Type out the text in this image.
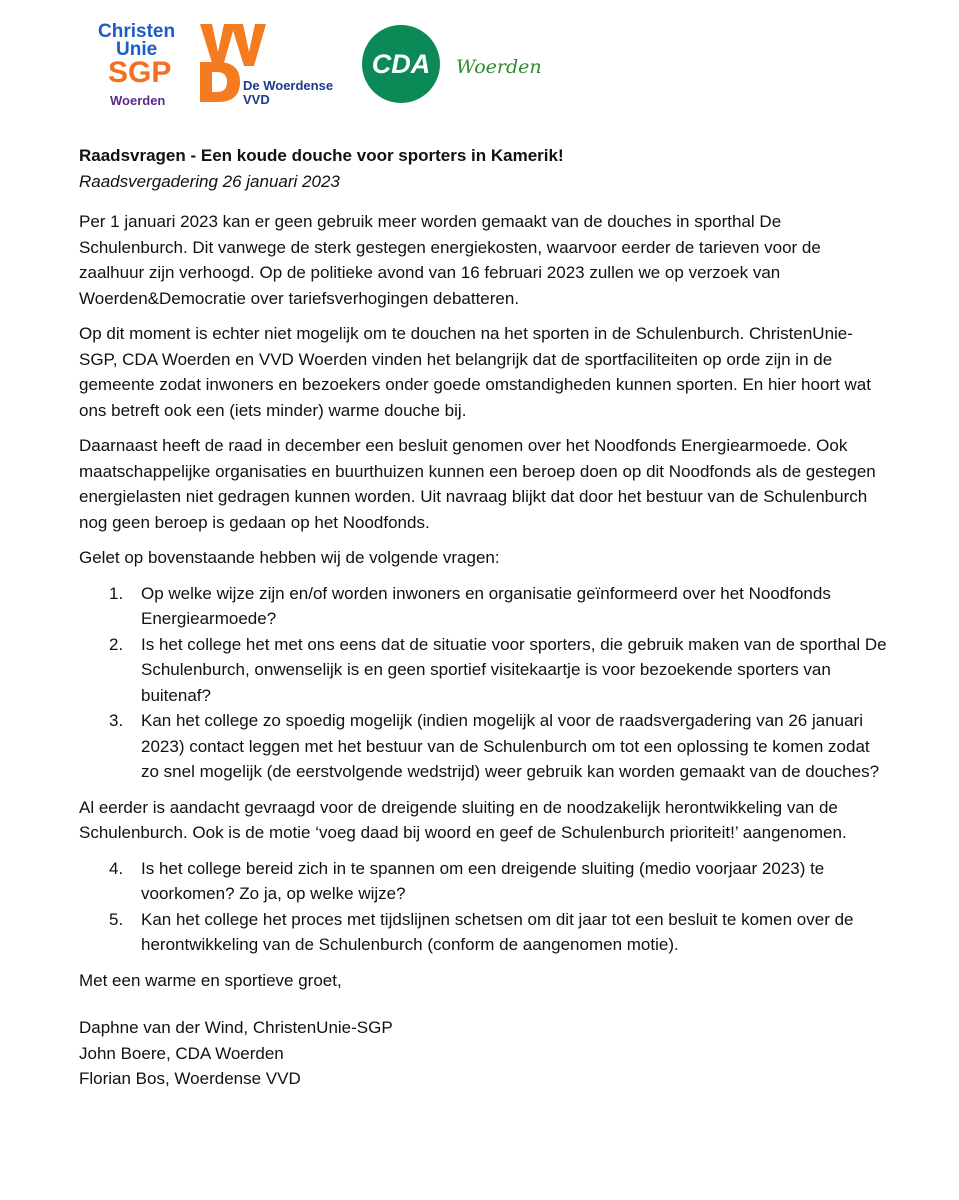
Christen
Unie
SGP
Woerden
De Woerdense
VVD
CDA	Woerden

Raadsvragen - Een koude douche voor sporters in Kamerik!

Raadsvergadering 26 januari 2023

Per 1 januari 2023 kan er geen gebruik meer worden gemaakt van de douches in sporthal De Schulenburch. Dit vanwege de sterk gestegen energiekosten, waarvoor eerder de tarieven voor de zaalhuur zijn verhoogd. Op de politieke avond van 16 februari 2023 zullen we op verzoek van Woerden&Democratie over tariefsverhogingen debatteren.

Op dit moment is echter niet mogelijk om te douchen na het sporten in de Schulenburch. ChristenUnie-SGP, CDA Woerden en VVD Woerden vinden het belangrijk dat de sportfaciliteiten op orde zijn in de gemeente zodat inwoners en bezoekers onder goede omstandigheden kunnen sporten. En hier hoort wat ons betreft ook een (iets minder) warme douche bij.

Daarnaast heeft de raad in december een besluit genomen over het Noodfonds Energiearmoede. Ook maatschappelijke organisaties en buurthuizen kunnen een beroep doen op dit Noodfonds als de gestegen energielasten niet gedragen kunnen worden. Uit navraag blijkt dat door het bestuur van de Schulenburch nog geen beroep is gedaan op het Noodfonds.

Gelet op bovenstaande hebben wij de volgende vragen:

1. Op welke wijze zijn en/of worden inwoners en organisatie geïnformeerd over het Noodfonds Energiearmoede?
2. Is het college het met ons eens dat de situatie voor sporters, die gebruik maken van de sporthal De Schulenburch, onwenselijk is en geen sportief visitekaartje is voor bezoekende sporters van buitenaf?
3. Kan het college zo spoedig mogelijk (indien mogelijk al voor de raadsvergadering van 26 januari 2023) contact leggen met het bestuur van de Schulenburch om tot een oplossing te komen zodat zo snel mogelijk (de eerstvolgende wedstrijd) weer gebruik kan worden gemaakt van de douches?

Al eerder is aandacht gevraagd voor de dreigende sluiting en de noodzakelijk herontwikkeling van de Schulenburch. Ook is de motie ‘voeg daad bij woord en geef de Schulenburch prioriteit!’ aangenomen.

4. Is het college bereid zich in te spannen om een dreigende sluiting (medio voorjaar 2023) te voorkomen? Zo ja, op welke wijze?
5. Kan het college het proces met tijdslijnen schetsen om dit jaar tot een besluit te komen over de herontwikkeling van de Schulenburch (conform de aangenomen motie).

Met een warme en sportieve groet,

Daphne van der Wind, ChristenUnie-SGP

John Boere, CDA Woerden

Florian Bos, Woerdense VVD
